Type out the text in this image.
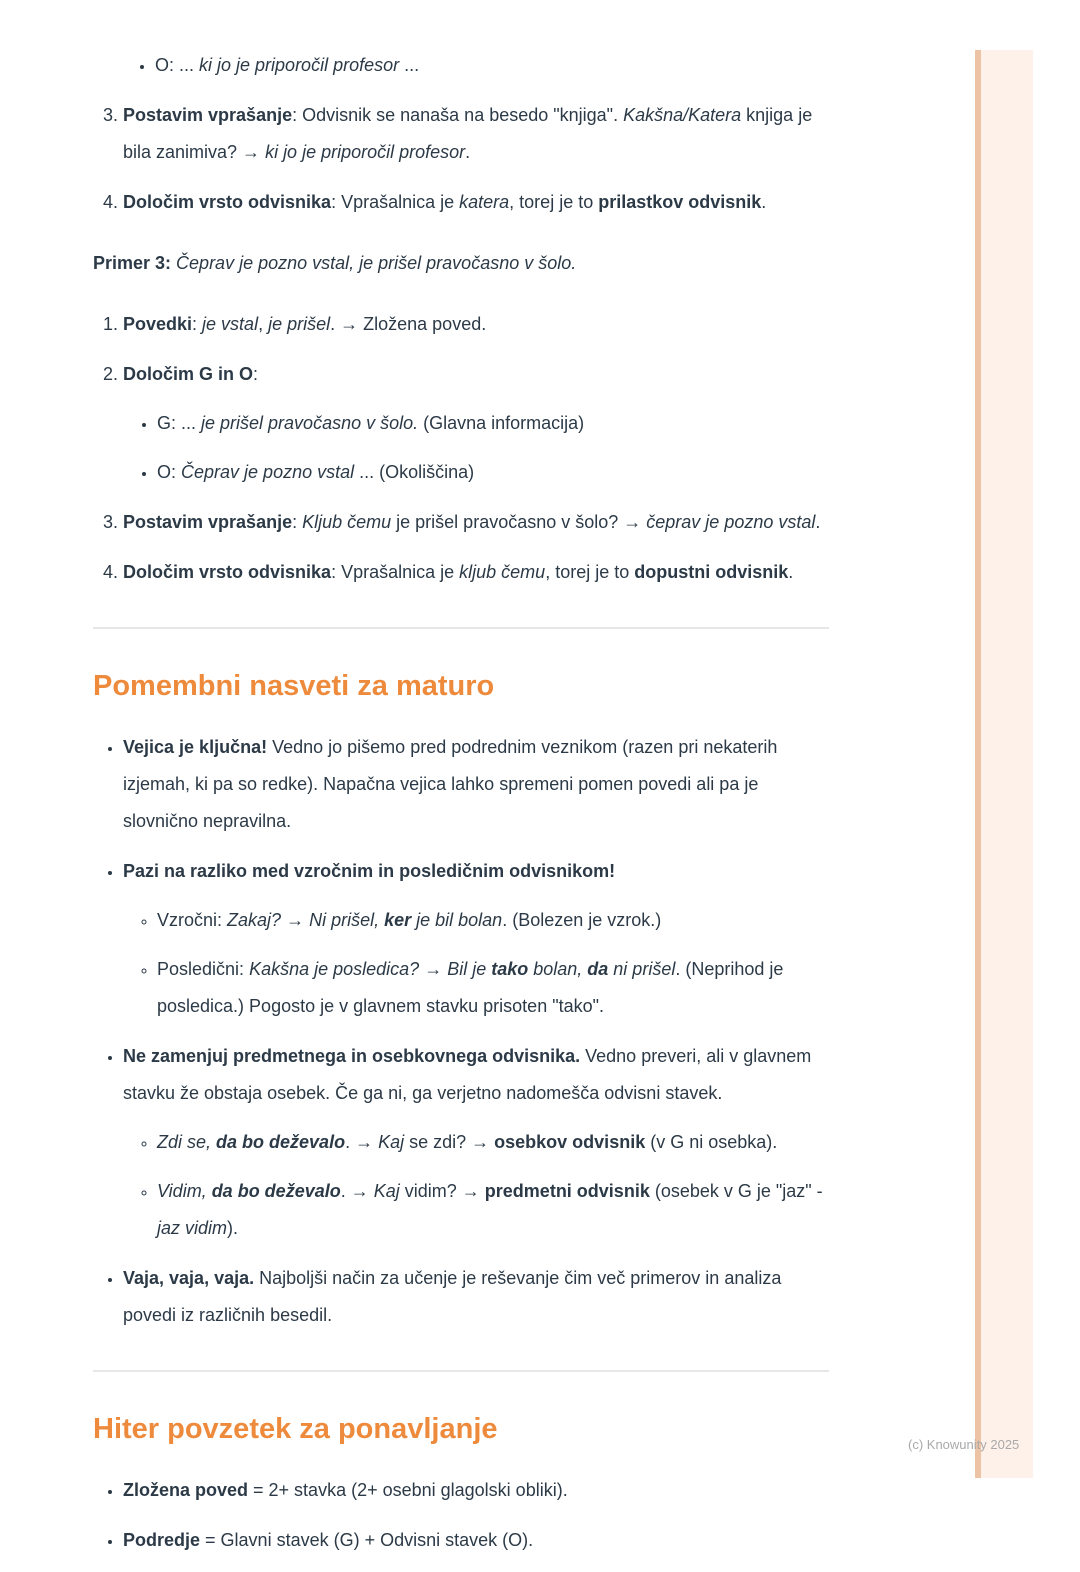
• O: ... ki jo je priporočil profesor ...
3. Postavim vprašanje: Odvisnik se nanaša na besedo "knjiga". Kakšna/Katera knjiga je bila zanimiva? → ki jo je priporočil profesor.
4. Določim vrsto odvisnika: Vprašalnica je katera, torej je to prilastkov odvisnik.

Primer 3: Čeprav je pozno vstal, je prišel pravočasno v šolo.

1. Povedki: je vstal, je prišel. → Zložena poved.
2. Določim G in O:
• G: ... je prišel pravočasno v šolo. (Glavna informacija)
• O: Čeprav je pozno vstal ... (Okoliščina)
3. Postavim vprašanje: Kljub čemu je prišel pravočasno v šolo? → čeprav je pozno vstal.
4. Določim vrsto odvisnika: Vprašalnica je kljub čemu, torej je to dopustni odvisnik.
Pomembni nasveti za maturo
• Vejica je ključna! Vedno jo pišemo pred podrednim veznikom (razen pri nekaterih izjemah, ki pa so redke). Napačna vejica lahko spremeni pomen povedi ali pa je slovnično nepravilna.
• Pazi na razliko med vzročnim in posledičnim odvisnikom!
◦ Vzročni: Zakaj? → Ni prišel, ker je bil bolan. (Bolezen je vzrok.)
◦ Posledični: Kakšna je posledica? → Bil je tako bolan, da ni prišel. (Neprihod je posledica.) Pogosto je v glavnem stavku prisoten "tako".
• Ne zamenjuj predmetnega in osebkovnega odvisnika. Vedno preveri, ali v glavnem stavku že obstaja osebek. Če ga ni, ga verjetno nadomešča odvisni stavek.
◦ Zdi se, da bo deževalo. → Kaj se zdi? → osebkov odvisnik (v G ni osebka).
◦ Vidim, da bo deževalo. → Kaj vidim? → predmetni odvisnik (osebek v G je "jaz" - jaz vidim).
• Vaja, vaja, vaja. Najboljši način za učenje je reševanje čim več primerov in analiza povedi iz različnih besedil.
Hiter povzetek za ponavljanje
• Zložena poved = 2+ stavka (2+ osebni glagolski obliki).
• Podredje = Glavni stavek (G) + Odvisni stavek (O).
(c) Knowunity 2025
